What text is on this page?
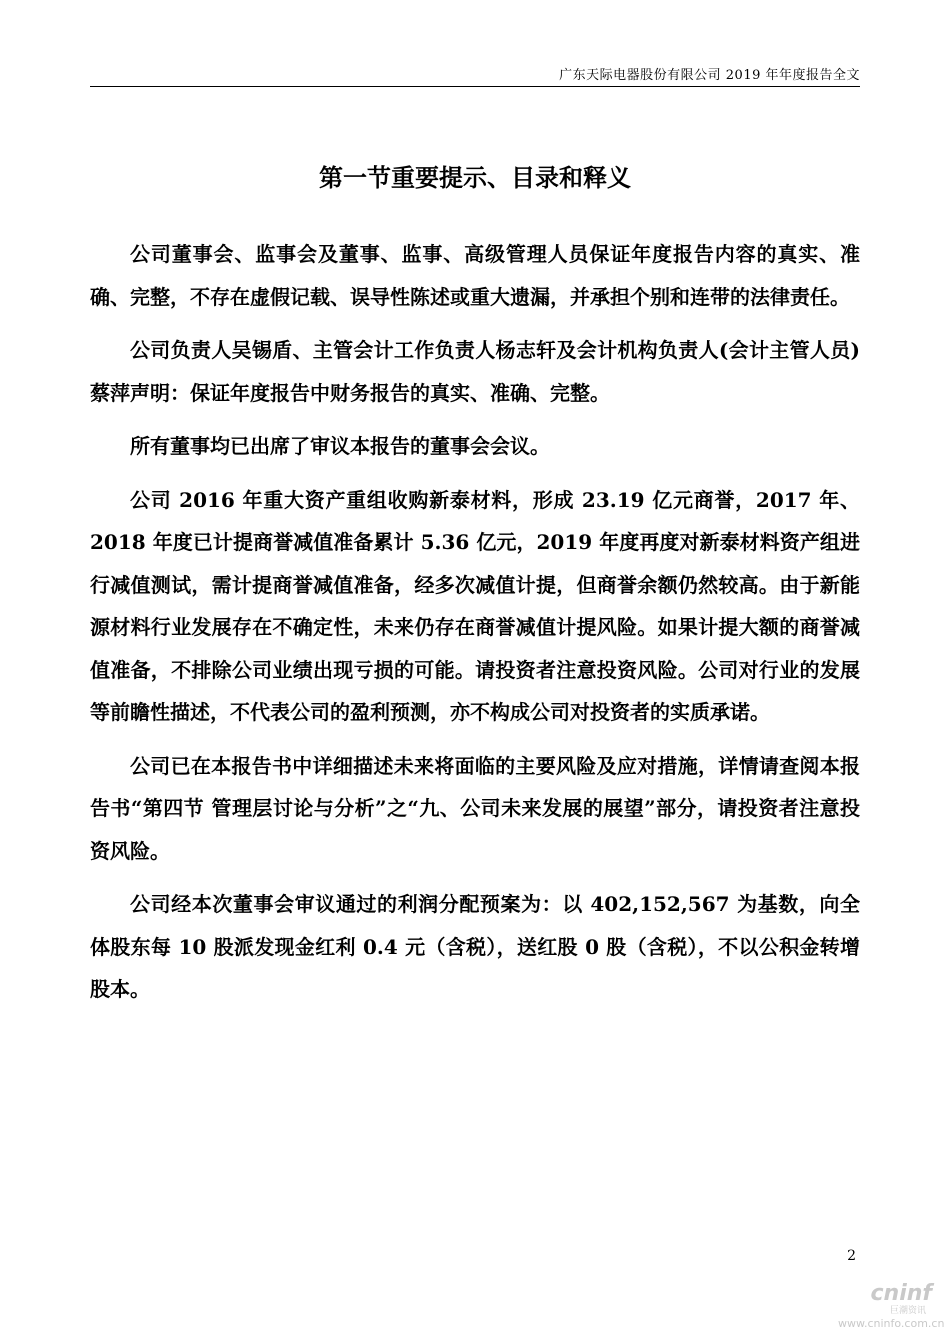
广东天际电器股份有限公司 2019 年年度报告全文
第一节重要提示、目录和释义

公司董事会、监事会及董事、监事、高级管理人员保证年度报告内容的真实、准确、完整，不存在虚假记载、误导性陈述或重大遗漏，并承担个别和连带的法律责任。

公司负责人吴锡盾、主管会计工作负责人杨志轩及会计机构负责人(会计主管人员)蔡萍声明：保证年度报告中财务报告的真实、准确、完整。

所有董事均已出席了审议本报告的董事会会议。

公司 2016 年重大资产重组收购新泰材料，形成 23.19 亿元商誉，2017 年、2018 年度已计提商誉减值准备累计 5.36 亿元，2019 年度再度对新泰材料资产组进行减值测试，需计提商誉减值准备，经多次减值计提，但商誉余额仍然较高。由于新能源材料行业发展存在不确定性，未来仍存在商誉减值计提风险。如果计提大额的商誉减值准备，不排除公司业绩出现亏损的可能。请投资者注意投资风险。公司对行业的发展等前瞻性描述，不代表公司的盈利预测，亦不构成公司对投资者的实质承诺。

公司已在本报告书中详细描述未来将面临的主要风险及应对措施，详情请查阅本报告书“第四节 管理层讨论与分析”之“九、公司未来发展的展望”部分，请投资者注意投资风险。

公司经本次董事会审议通过的利润分配预案为：以 402,152,567 为基数，向全体股东每 10 股派发现金红利 0.4 元（含税），送红股 0 股（含税），不以公积金转增股本。

2
cninf
巨潮资讯
www.cninfo.com.cn
